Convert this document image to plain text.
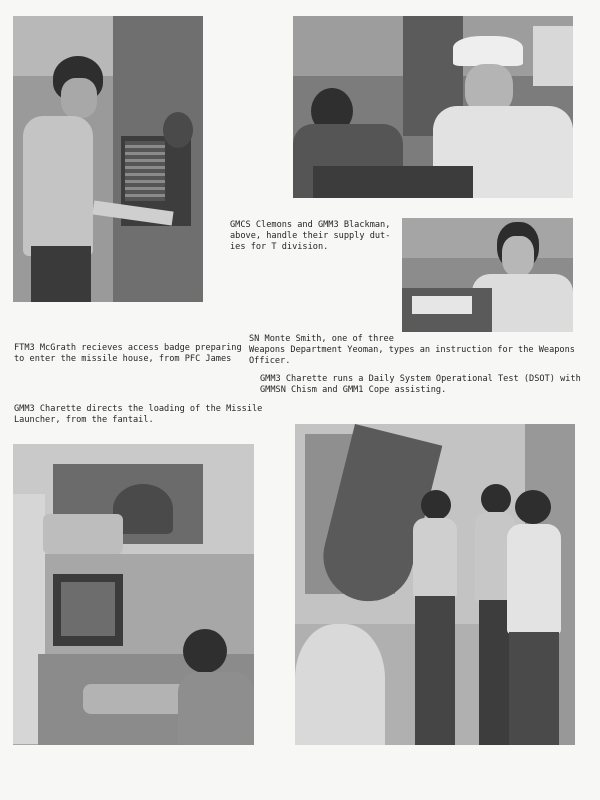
GMCS Clemons and GMM3 Blackman,
above, handle their supply dut-
ies for T division.
FTM3 McGrath recieves access badge preparing
to enter the missile house, from PFC James
SN Monte Smith, one of three
Weapons Department Yeoman, types an instruction for the Weapons
Officer.
GMM3 Charette runs a Daily System Operational Test (DSOT) with
GMMSN Chism and GMM1 Cope assisting.
GMM3 Charette directs the loading of the Missile
Launcher, from the fantail.
